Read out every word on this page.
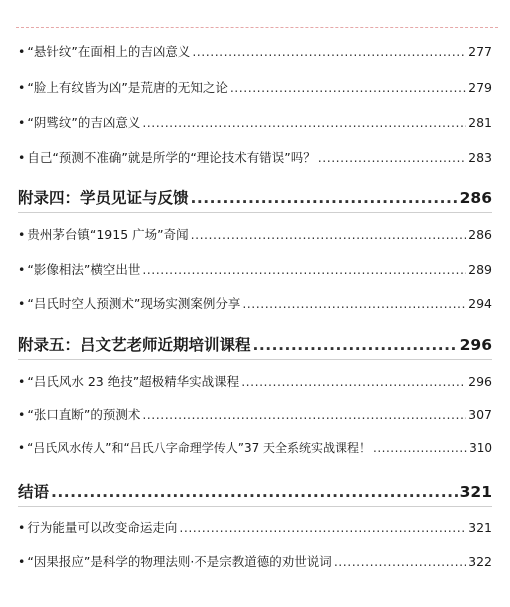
• “悬针纹”在面相上的吉凶意义 .....	277
• “脸上有纹皆为凶”是荒唐的无知之论 .....	279
• “阴骘纹”的吉凶意义 .....	281
• 自己“预测不准确”就是所学的“理论技术有错误”吗？ .....	283
附录四：学员见证与反馈 .....	286
• 贵州茅台镇“1915 广场”奇闻 .....	286
• “影像相法”横空出世 .....	289
• “吕氏时空人预测术”现场实测案例分享 .....	294
附录五：吕文艺老师近期培训课程 .....	296
• “吕氏风水 23 绝技”超极精华实战课程 .....	296
• “张口直断”的预测术 .....	307
• “吕氏风水传人”和“吕氏八字命理学传人”37 天全系统实战课程！ .....	310
结语 .....	321
• 行为能量可以改变命运走向 .....	321
• “因果报应”是科学的物理法则·不是宗教道德的劝世说词 .....	322
